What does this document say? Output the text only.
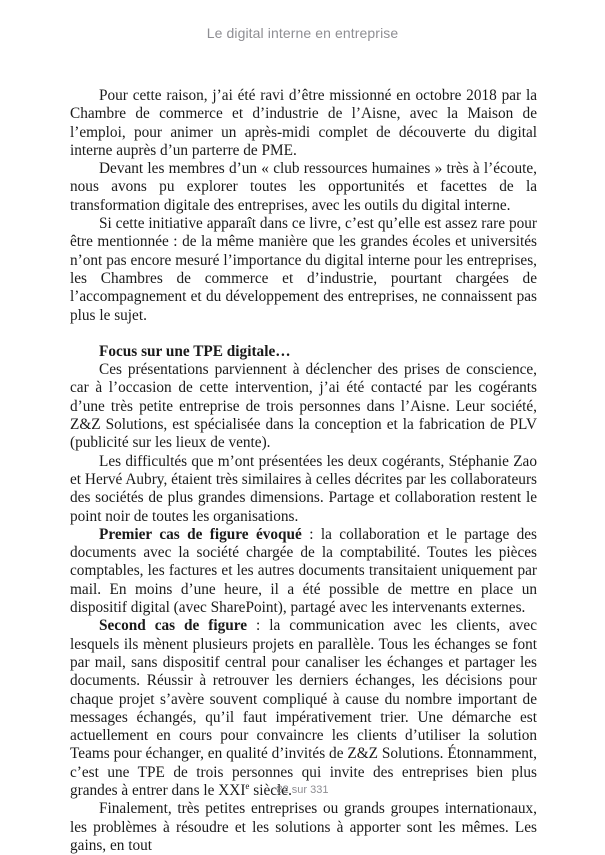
Le digital interne en entreprise

Pour cette raison, j’ai été ravi d’être missionné en octobre 2018 par la Chambre de commerce et d’industrie de l’Aisne, avec la Maison de l’emploi, pour animer un après-midi complet de découverte du digital interne auprès d’un parterre de PME.

Devant les membres d’un « club ressources humaines » très à l’écoute, nous avons pu explorer toutes les opportunités et facettes de la transformation digitale des entreprises, avec les outils du digital interne.

Si cette initiative apparaît dans ce livre, c’est qu’elle est assez rare pour être mentionnée : de la même manière que les grandes écoles et universités n’ont pas encore mesuré l’importance du digital interne pour les entreprises, les Chambres de commerce et d’industrie, pourtant chargées de l’accompagnement et du développement des entreprises, ne connaissent pas plus le sujet.

Focus sur une TPE digitale…

Ces présentations parviennent à déclencher des prises de conscience, car à l’occasion de cette intervention, j’ai été contacté par les cogérants d’une très petite entreprise de trois personnes dans l’Aisne. Leur société, Z&Z Solutions, est spécialisée dans la conception et la fabrication de PLV (publicité sur les lieux de vente).

Les difficultés que m’ont présentées les deux cogérants, Stéphanie Zao et Hervé Aubry, étaient très similaires à celles décrites par les collaborateurs des sociétés de plus grandes dimensions. Partage et collaboration restent le point noir de toutes les organisations.

Premier cas de figure évoqué : la collaboration et le partage des documents avec la société chargée de la comptabilité. Toutes les pièces comptables, les factures et les autres documents transitaient uniquement par mail. En moins d’une heure, il a été possible de mettre en place un dispositif digital (avec SharePoint), partagé avec les intervenants externes.

Second cas de figure : la communication avec les clients, avec lesquels ils mènent plusieurs projets en parallèle. Tous les échanges se font par mail, sans dispositif central pour canaliser les échanges et partager les documents. Réussir à retrouver les derniers échanges, les décisions pour chaque projet s’avère souvent compliqué à cause du nombre important de messages échangés, qu’il faut impérativement trier. Une démarche est actuellement en cours pour convaincre les clients d’utiliser la solution Teams pour échanger, en qualité d’invités de Z&Z Solutions. Étonnamment, c’est une TPE de trois personnes qui invite des entreprises bien plus grandes à entrer dans le XXIe siècle.

Finalement, très petites entreprises ou grands groupes internationaux, les problèmes à résoudre et les solutions à apporter sont les mêmes. Les gains, en tout

82 sur 331
